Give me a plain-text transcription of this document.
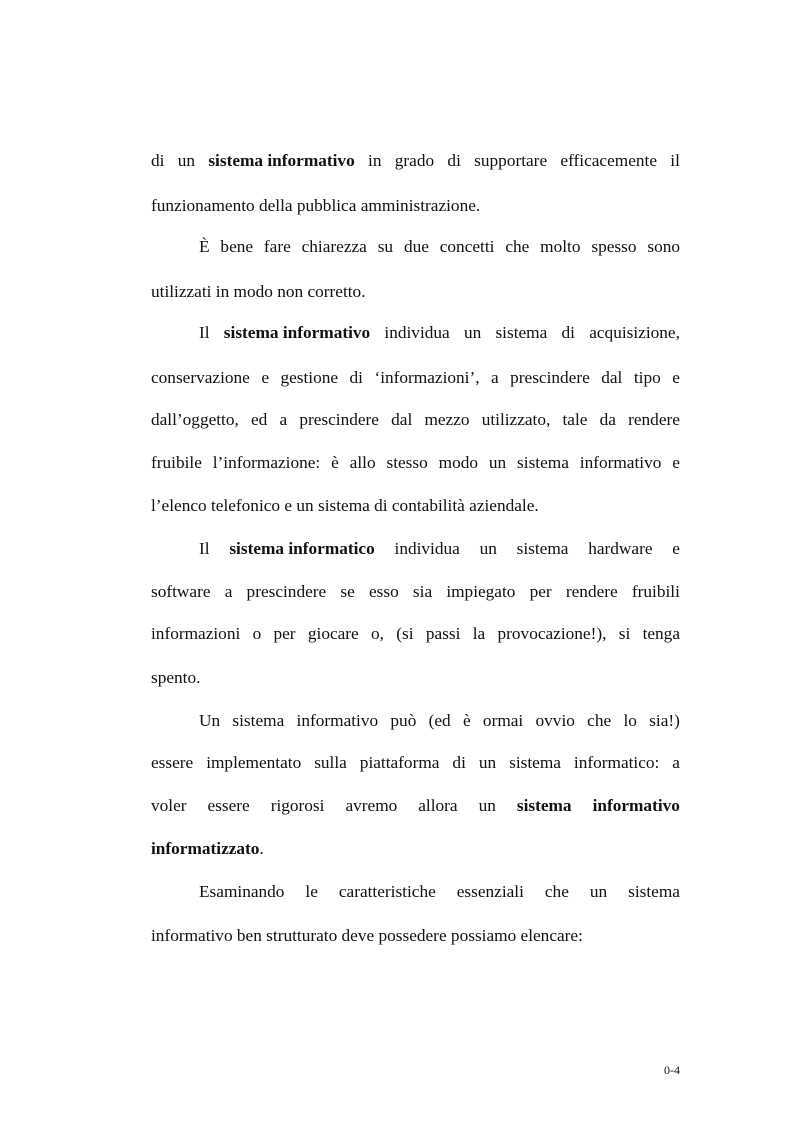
di un sistema informativo in grado di supportare efficacemente il
funzionamento della pubblica amministrazione.
È bene fare chiarezza su due concetti che molto spesso sono
utilizzati in modo non corretto.
Il sistema informativo individua un sistema di acquisizione,
conservazione e gestione di ‘informazioni’, a prescindere dal tipo e
dall’oggetto, ed a prescindere dal mezzo utilizzato, tale da rendere
fruibile l’informazione: è allo stesso modo un sistema informativo e
l’elenco telefonico e un sistema di contabilità aziendale.
Il sistema informatico individua un sistema hardware e
software a prescindere se esso sia impiegato per rendere fruibili
informazioni o per giocare o, (si passi la provocazione!), si tenga
spento.
Un sistema informativo può (ed è ormai ovvio che lo sia!)
essere implementato sulla piattaforma di un sistema informatico: a
voler essere rigorosi avremo allora un sistema informativo
informatizzato.
Esaminando le caratteristiche essenziali che un sistema
informativo ben strutturato deve possedere possiamo elencare:
0-4
